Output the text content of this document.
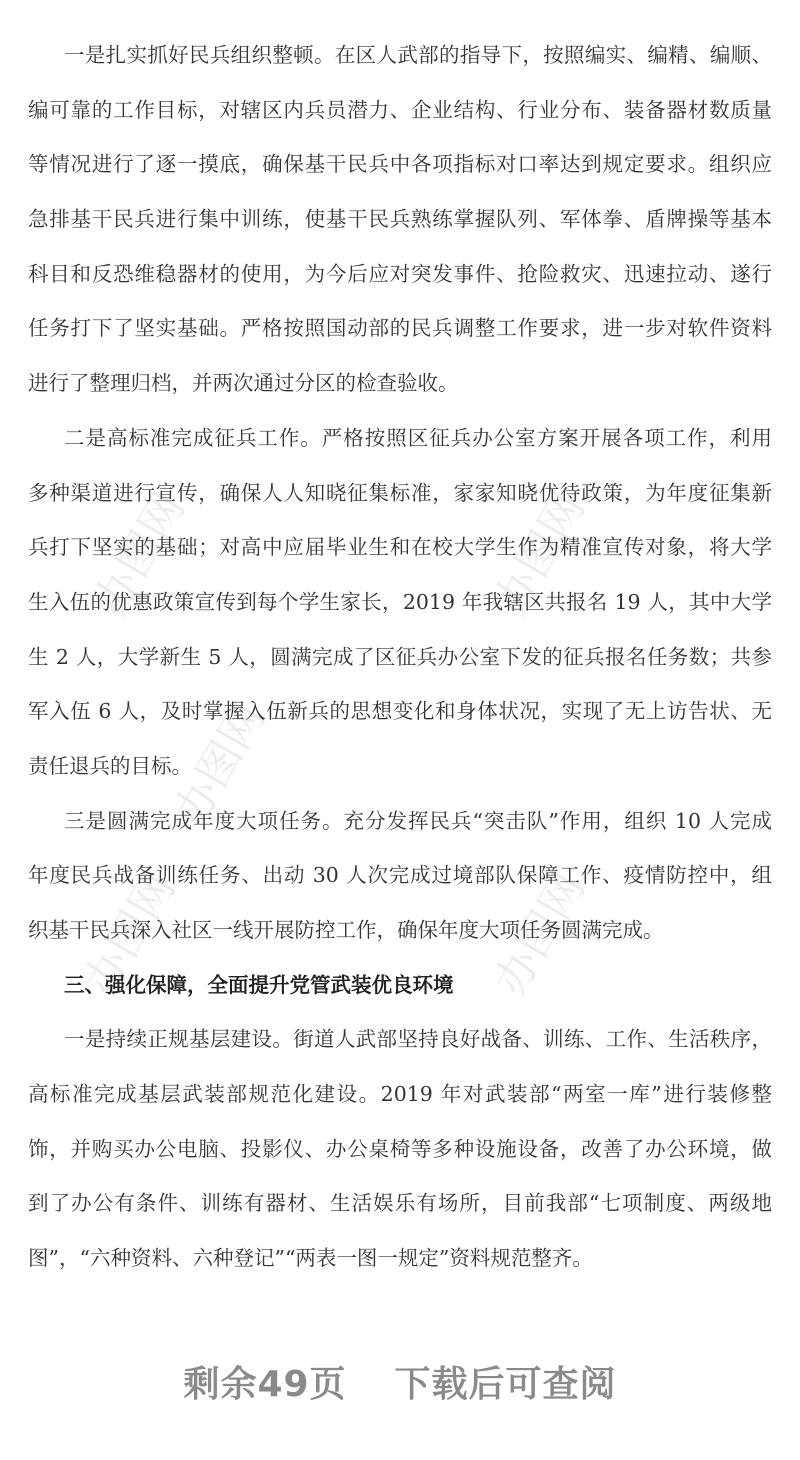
办图网	办图网
办图网
办图网	办图网
一是扎实抓好民兵组织整顿。在区人武部的指导下，按照编实、编精、编顺、
编可靠的工作目标，对辖区内兵员潜力、企业结构、行业分布、装备器材数质量
等情况进行了逐一摸底，确保基干民兵中各项指标对口率达到规定要求。组织应
急排基干民兵进行集中训练，使基干民兵熟练掌握队列、军体拳、盾牌操等基本
科目和反恐维稳器材的使用，为今后应对突发事件、抢险救灾、迅速拉动、遂行
任务打下了坚实基础。严格按照国动部的民兵调整工作要求，进一步对软件资料
进行了整理归档，并两次通过分区的检查验收。
二是高标准完成征兵工作。严格按照区征兵办公室方案开展各项工作，利用
多种渠道进行宣传，确保人人知晓征集标准，家家知晓优待政策，为年度征集新
兵打下坚实的基础；对高中应届毕业生和在校大学生作为精准宣传对象，将大学
生入伍的优惠政策宣传到每个学生家长，2019 年我辖区共报名 19 人，其中大学
生 2 人，大学新生 5 人，圆满完成了区征兵办公室下发的征兵报名任务数；共参
军入伍 6 人，及时掌握入伍新兵的思想变化和身体状况，实现了无上访告状、无
责任退兵的目标。
三是圆满完成年度大项任务。充分发挥民兵“突击队”作用，组织 10 人完成
年度民兵战备训练任务、出动 30 人次完成过境部队保障工作、疫情防控中，组
织基干民兵深入社区一线开展防控工作，确保年度大项任务圆满完成。
三、强化保障，全面提升党管武装优良环境
一是持续正规基层建设。街道人武部坚持良好战备、训练、工作、生活秩序，
高标准完成基层武装部规范化建设。2019 年对武装部“两室一库”进行装修整
饰，并购买办公电脑、投影仪、办公桌椅等多种设施设备，改善了办公环境，做
到了办公有条件、训练有器材、生活娱乐有场所，目前我部“七项制度、两级地
图”，“六种资料、六种登记”“两表一图一规定”资料规范整齐。
剩余49页 下载后可查阅
